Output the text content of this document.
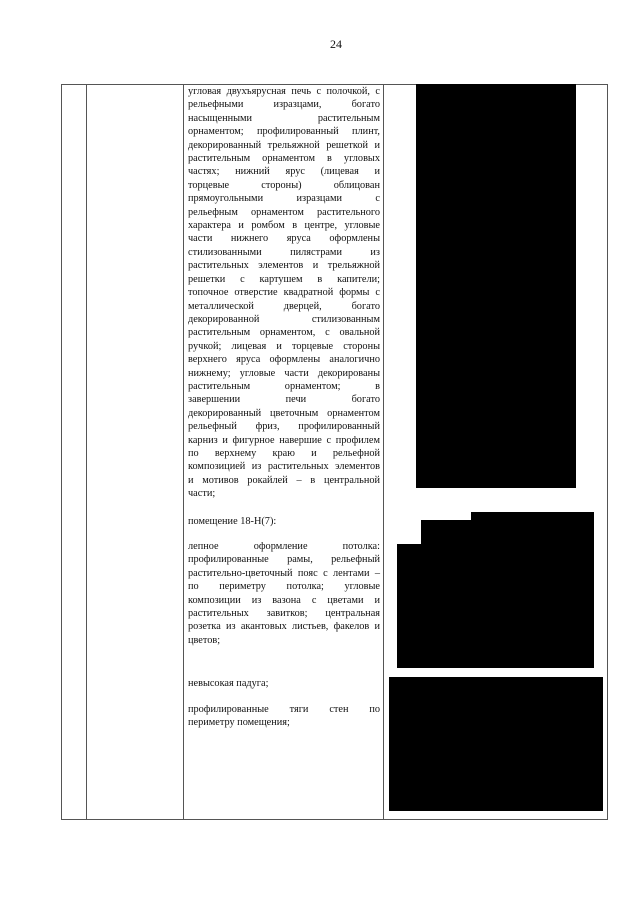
24
угловая двухъярусная печь с полочкой, с
рельефными изразцами, богато
насыщенными растительным
орнаментом; профилированный плинт,
декорированный трельяжной решеткой и
растительным орнаментом в угловых
частях; нижний ярус (лицевая и
торцевые стороны) облицован
прямоугольными изразцами с
рельефным орнаментом растительного
характера и ромбом в центре, угловые
части нижнего яруса оформлены
стилизованными пилястрами из
растительных элементов и трельяжной
решетки с картушем в капители;
топочное отверстие квадратной формы с
металлической дверцей, богато
декорированной стилизованным
растительным орнаментом, с овальной
ручкой; лицевая и торцевые стороны
верхнего яруса оформлены аналогично
нижнему; угловые части декорированы
растительным орнаментом; в
завершении печи богато
декорированный цветочным орнаментом
рельефный фриз, профилированный
карниз и фигурное навершие с профилем
по верхнему краю и рельефной
композицией из растительных элементов
и мотивов рокайлей – в центральной
части;
помещение 18-Н(7):
лепное оформление потолка:
профилированные рамы, рельефный
растительно-цветочный пояс с лентами –
по периметру потолка; угловые
композиции из вазона с цветами и
растительных завитков; центральная
розетка из акантовых листьев, факелов и
цветов;
невысокая падуга;
профилированные тяги стен по
периметру помещения;
